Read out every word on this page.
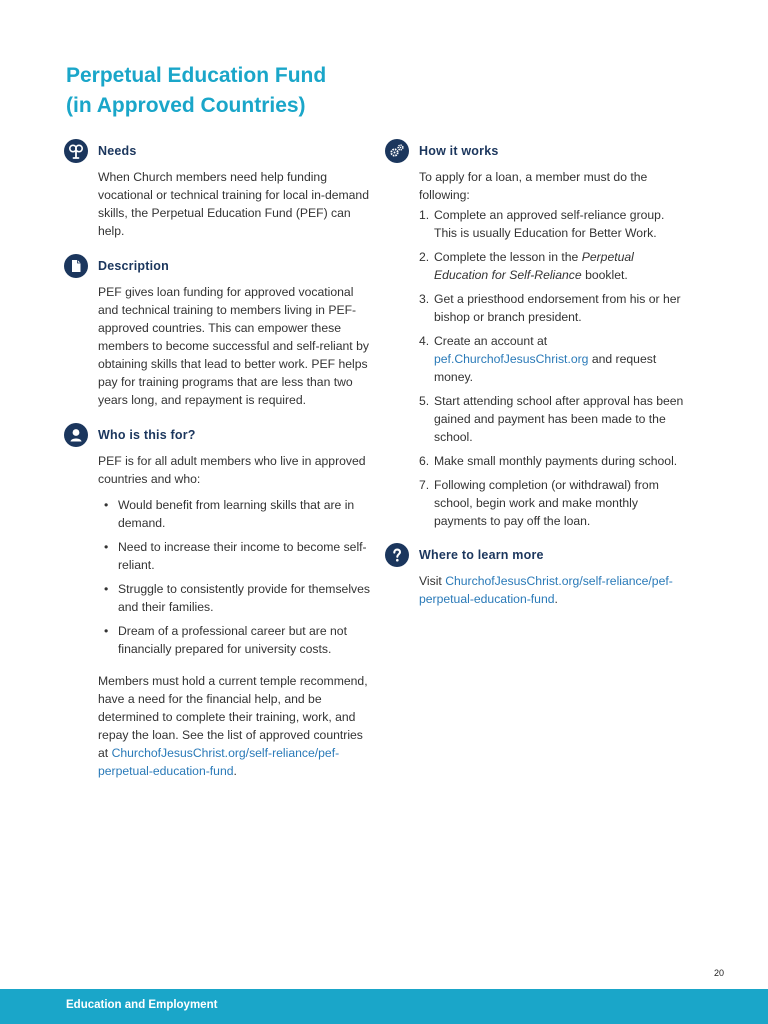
Perpetual Education Fund
(in Approved Countries)
Needs
When Church members need help funding vocational or technical training for local in-demand skills, the Perpetual Education Fund (PEF) can help.
Description
PEF gives loan funding for approved vocational and technical training to members living in PEF-approved countries. This can empower these members to become successful and self-reliant by obtaining skills that lead to better work. PEF helps pay for training programs that are less than two years long, and repayment is required.
Who is this for?
PEF is for all adult members who live in approved countries and who:
• Would benefit from learning skills that are in demand.
• Need to increase their income to become self-reliant.
• Struggle to consistently provide for themselves and their families.
• Dream of a professional career but are not financially prepared for university costs.
Members must hold a current temple recommend, have a need for the financial help, and be determined to complete their training, work, and repay the loan. See the list of approved countries at ChurchofJesusChrist.org/self-reliance/pef-perpetual-education-fund.
How it works
To apply for a loan, a member must do the following:
1. Complete an approved self-reliance group. This is usually Education for Better Work.
2. Complete the lesson in the Perpetual Education for Self-Reliance booklet.
3. Get a priesthood endorsement from his or her bishop or branch president.
4. Create an account at pef.ChurchofJesusChrist.org and request money.
5. Start attending school after approval has been gained and payment has been made to the school.
6. Make small monthly payments during school.
7. Following completion (or withdrawal) from school, begin work and make monthly payments to pay off the loan.
Where to learn more
Visit ChurchofJesusChrist.org/self-reliance/pef-perpetual-education-fund.
20
Education and Employment
